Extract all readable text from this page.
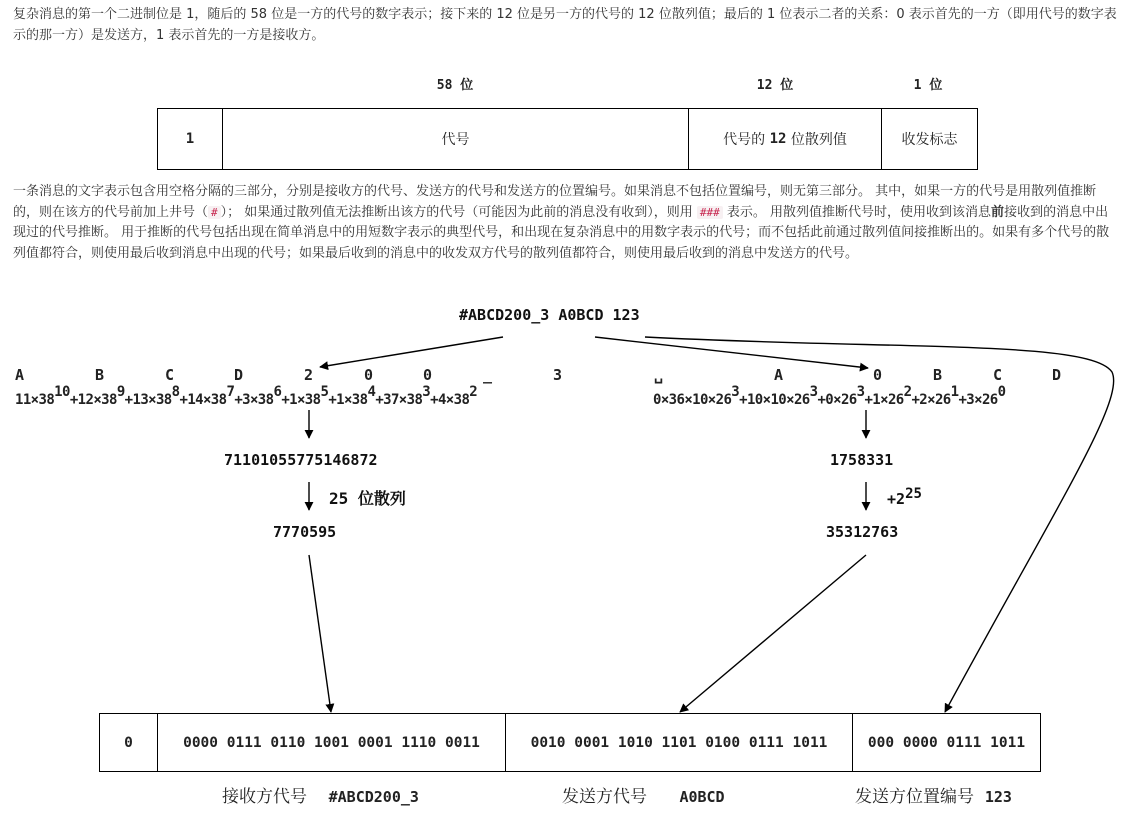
复杂消息的第一个二进制位是 1，随后的 58 位是一方的代号的数字表示；接下来的 12 位是另一方的代号的 12 位散列值；最后的 1 位表示二者的关系：0 表示首先的一方（即用代号的数字表示的那一方）是发送方，1 表示首先的一方是接收方。
58 位	12 位	1 位
1	代号	代号的
12
位散列值	收发标志
一条消息的文字表示包含用空格分隔的三部分，分别是接收方的代号、发送方的代号和发送方的位置编号。如果消息不包括位置编号，则无第三部分。 其中，如果一方的代号是用散列值推断的，则在该方的代号前加上井号（ # ）； 如果通过散列值无法推断出该方的代号（可能因为此前的消息没有收到），则用 ### 表示。 用散列值推断代号时，使用收到该消息前接收到的消息中出现过的代号推断。 用于推断的代号包括出现在简单消息中的用短数字表示的典型代号，和出现在复杂消息中的用数字表示的代号；而不包括此前通过散列值间接推断出的。如果有多个代号的散列值都符合，则使用最后收到消息中出现的代号；如果最后收到的消息中的收发双方代号的散列值都符合，则使用最后收到的消息中发送方的代号。
#ABCD200_3 A0BCD 123
A	B	C	D	2	0	0	_	3	␣	A	0	B	C	D
$11\times 38^{10}+12\times 38^9+13\times 38^8+14\times 38^7+3\times 38^6+1\times 38^5+1\times 38^4+37\times 38^3+4\times 38^2$	$0\times 36\times 10\times 26^3+10\times 10\times 26^3+0\times 26^3+1\times 26^2+2\times 26^1+3\times 26^0$
71101055775146872
25 位散列
7770595
1758331
$+2^{25}$
35312763
0	0000 0111 0110 1001 0001 1110 0011	0010 0001 1010 1101 0100 0111 1011	000 0000 0111 1011
接收方代号 #ABCD200_3	发送方代号 A0BCD	发送方位置编号 123
